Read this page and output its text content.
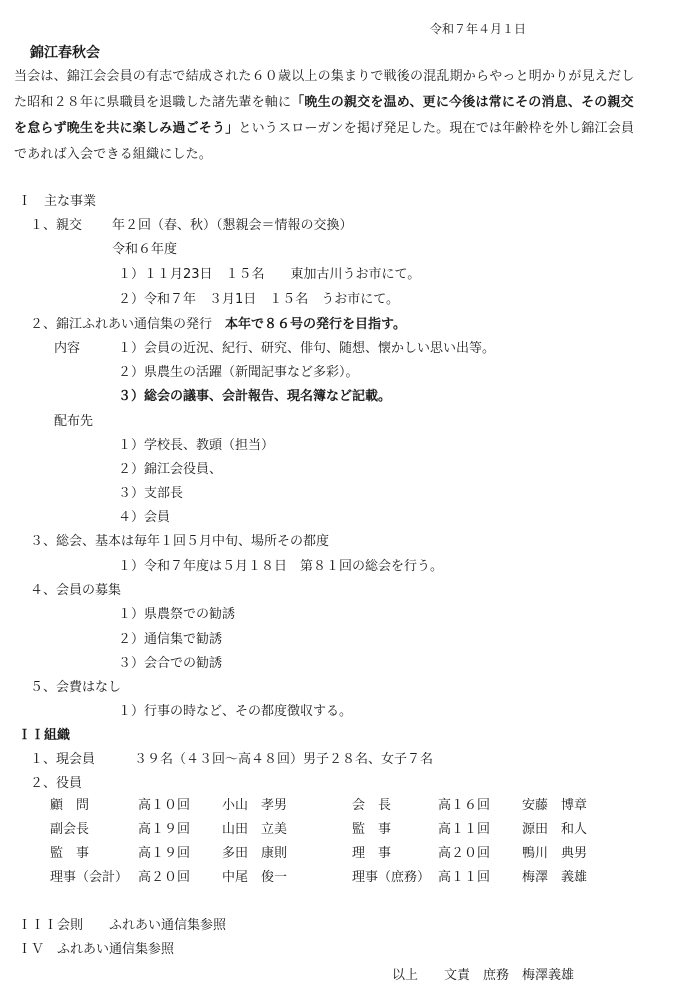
令和７年４月１日
錦江春秋会
当会は、錦江会会員の有志で結成された６０歳以上の集まりで戦後の混乱期からやっと明かりが見えだし
た昭和２８年に県職員を退職した諸先輩を軸に「晩生の親交を温め、更に今後は常にその消息、その親交
を怠らず晩生を共に楽しみ過ごそう」というスローガンを掲げ発足した。現在では年齢枠を外し錦江会員
であれば入会できる組織にした。
Ｉ　主な事業
１、親交 年２回（春、秋）（懇親会＝情報の交換）
令和６年度
１）１１月23日　１５名　　東加古川うお市にて。
２）令和７年　３月1日　１５名　うお市にて。
２、錦江ふれあい通信集の発行　 本年で８６号の発行を目指す。
内容	１）会員の近況、紀行、研究、俳句、随想、懐かしい思い出等。
２）県農生の活躍（新聞記事など多彩）。
３）総会の議事、会計報告、現名簿など記載。
配布先
１）学校長、教頭（担当）
２）錦江会役員、
３）支部長
４）会員
３、総会、基本は毎年１回５月中旬、場所その都度
１）令和７年度は５月１８日　第８１回の総会を行う。
４、会員の募集
１）県農祭での勧誘
２）通信集で勧誘
３）会合での勧誘
５、会費はなし
１）行事の時など、その都度徴収する。
ＩＩ組織
１、現会員　　　３９名（４３回～高４８回）男子２８名、女子７名
２、役員
顧　問	高１０回 小山　孝男	会　長	高１６回 安藤　博章
副会長	高１９回 山田　立美	監　事	高１１回 源田　和人
監　事	高１９回 多田　康則	理　事	高２０回 鴨川　典男
理事（会計） 高２０回 中尾　俊一	理事（庶務） 高１１回 梅澤　義雄
ＩＩＩ会則　　ふれあい通信集参照
ＩＶ　ふれあい通信集参照
以上　　文責　庶務　梅澤義雄
